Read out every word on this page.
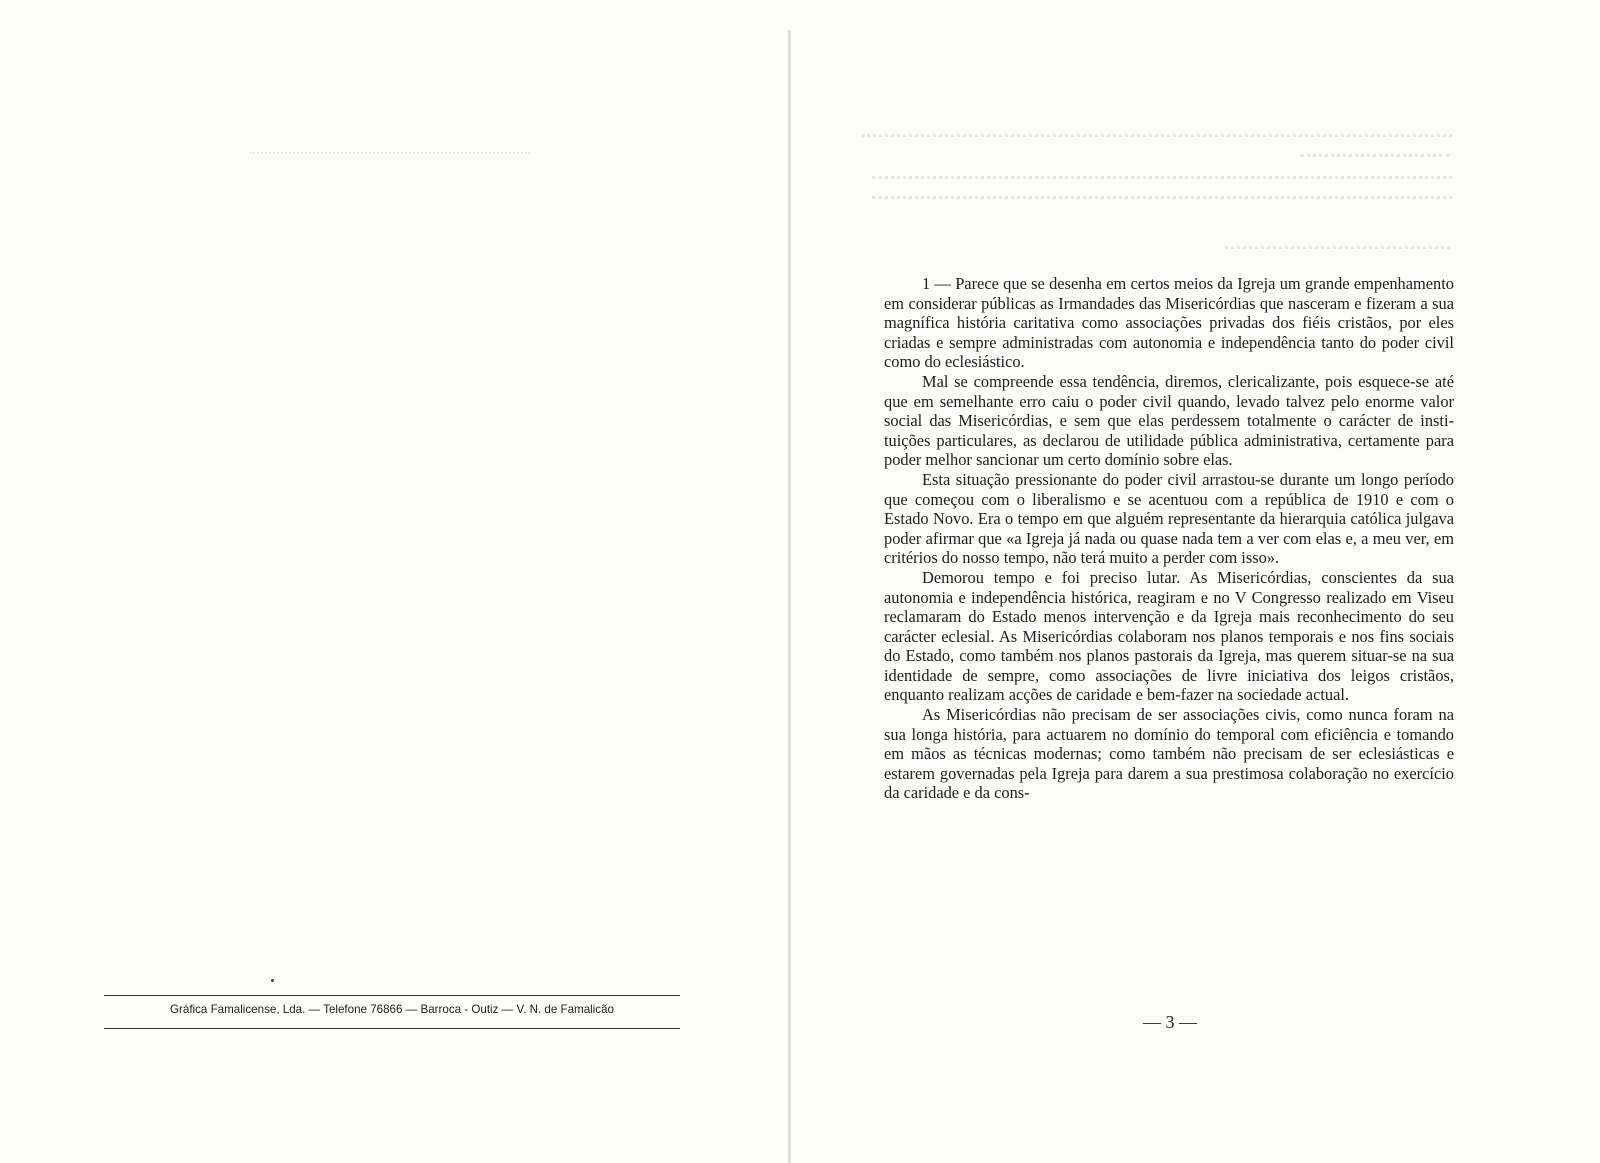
Gráfica Famalicense, Lda. — Telefone 76866 — Barroca - Outiz — V. N. de Famalicão

1 — Parece que se desenha em certos meios da Igreja um grande empenhamento em considerar públicas as Irmandades das Misericórdias que nasceram e fizeram a sua magnífica história caritativa como associações privadas dos fiéis cristãos, por eles criadas e sempre administradas com autonomia e independência tanto do poder civil como do eclesiástico.

Mal se compreende essa tendência, diremos, clericalizante, pois esquece-se até que em semelhante erro caiu o poder civil quando, levado talvez pelo enorme valor social das Misericórdias, e sem que elas perdessem totalmente o carácter de instituições particulares, as declarou de utilidade pública administrativa, certamente para poder melhor sancionar um certo domínio sobre elas.

Esta situação pressionante do poder civil arrastou-se durante um longo período que começou com o liberalismo e se acentuou com a república de 1910 e com o Estado Novo. Era o tempo em que alguém representante da hierarquia católica julgava poder afirmar que «a Igreja já nada ou quase nada tem a ver com elas e, a meu ver, em critérios do nosso tempo, não terá muito a perder com isso».

Demorou tempo e foi preciso lutar. As Misericórdias, conscientes da sua autonomia e independência histórica, reagiram e no V Congresso realizado em Viseu reclamaram do Estado menos intervenção e da Igreja mais reconhecimento do seu carácter eclesial. As Misericórdias colaboram nos planos temporais e nos fins sociais do Estado, como também nos planos pastorais da Igreja, mas querem situar-se na sua identidade de sempre, como associações de livre iniciativa dos leigos cristãos, enquanto realizam acções de caridade e bem-fazer na sociedade actual.

As Misericórdias não precisam de ser associações civis, como nunca foram na sua longa história, para actuarem no domínio do temporal com eficiência e tomando em mãos as técnicas modernas; como também não precisam de ser eclesiásticas e estarem governadas pela Igreja para darem a sua prestimosa colaboração no exercício da caridade e da cons-

— 3 —
